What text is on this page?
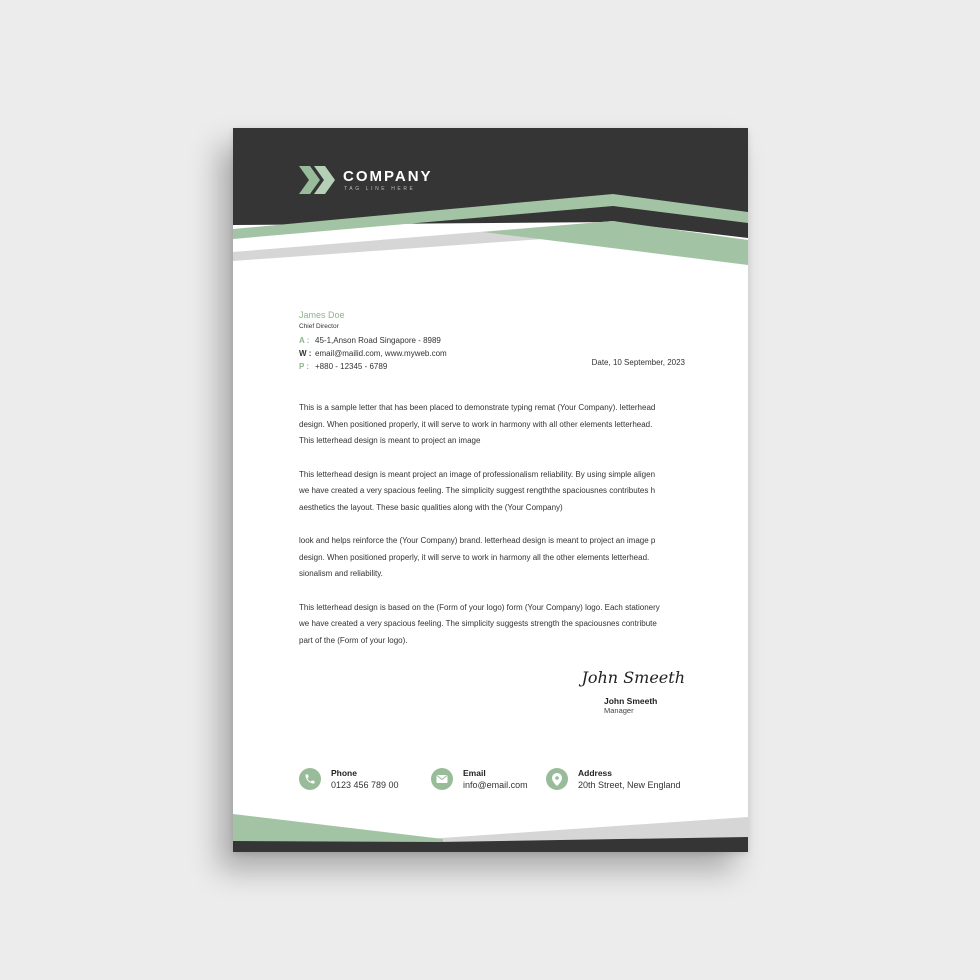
COMPANY
TAG LINE HERE
James Doe
Chief Director
A : 45-1,Anson Road Singapore - 8989
W : email@mailid.com, www.myweb.com
P : +880 - 12345 - 6789	Date, 10 September, 2023
This is a sample letter that has been placed to demonstrate typing remat (Your Company). letterhead
design. When positioned properly, it will serve to work in harmony with all other elements letterhead.
This letterhead design is meant to project an image
This letterhead design is meant project an image of professionalism reliability. By using simple aligen
we have created a very spacious feeling. The simplicity suggest rengththe spaciousnes contributes h
aesthetics the layout. These basic qualities along with the (Your Company)
look and helps reinforce the (Your Company) brand. letterhead design is meant to project an image p
design. When positioned properly, it will serve to work in harmony all the other elements letterhead.
sionalism and reliability.
This letterhead design is based on the (Form of your logo) form (Your Company) logo. Each stationery
we have created a very spacious feeling. The simplicity suggests strength the spaciousnes contribute
part of the (Form of your logo).
John Smeeth
John Smeeth
Manager
Phone
0123 456 789 00
Email
info@email.com
Address
20th Street, New England
